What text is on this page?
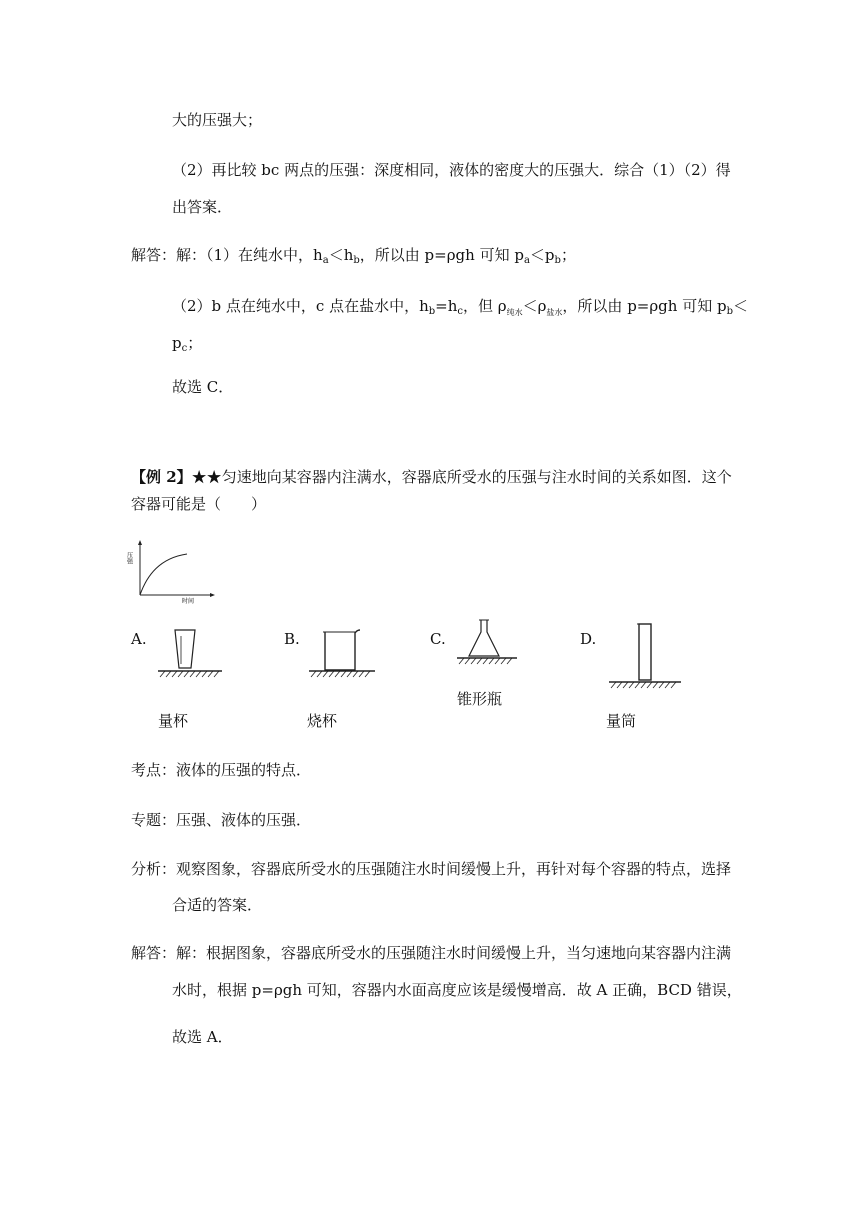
大的压强大；
（2）再比较 bc 两点的压强：深度相同，液体的密度大的压强大．综合（1）（2）得
出答案．
解答：解：（1）在纯水中，$h_a<h_b$，所以由 p=ρgh 可知 $p_a<p_b$；
（2）b 点在纯水中，c 点在盐水中，$h_b=h_c$，但 $\rho_{纯水}<\rho_{盐水}$，所以由 p=ρgh 可知 $p_b<$
$p_c$；
故选 C．
【例 2】★★匀速地向某容器内注满水，容器底所受水的压强与注水时间的关系如图．这个
容器可能是（　　）
压强
时间
A.
量杯
B.
烧杯
C.
锥形瓶
D.
量筒
考点：液体的压强的特点．
专题：压强、液体的压强．
分析：观察图象，容器底所受水的压强随注水时间缓慢上升，再针对每个容器的特点，选择
合适的答案．
解答：解：根据图象，容器底所受水的压强随注水时间缓慢上升，当匀速地向某容器内注满
水时，根据 p=ρgh 可知，容器内水面高度应该是缓慢增高．故 A 正确，BCD 错误，
故选 A．
